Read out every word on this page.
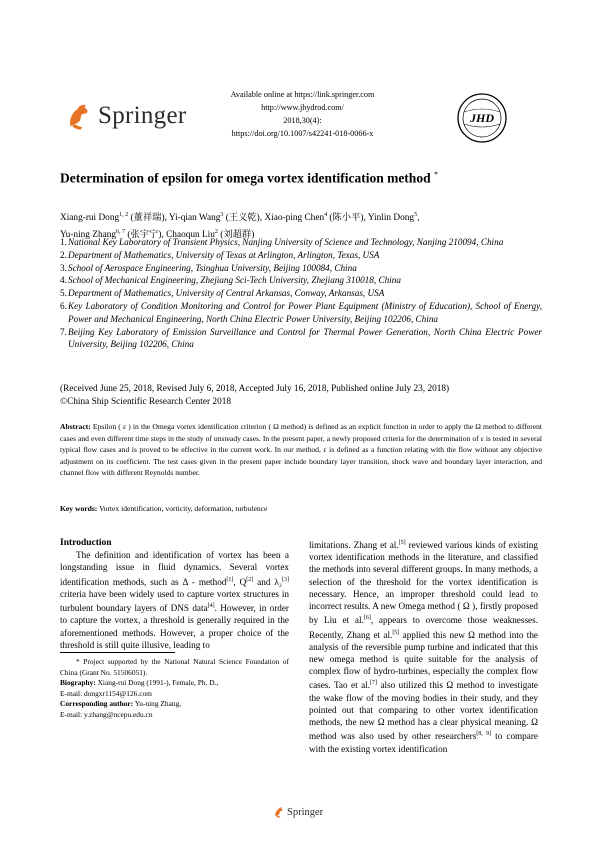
Springer
Available online at https://link.springer.com
http://www.jhydrod.com/
2018,30(4):
https://doi.org/10.1007/s42241-018-0066-x
JHD
Determination of epsilon for omega vortex identification method *
Xiang-rui Dong$^{1, 2}$ (董祥瑞), Yi-qian Wang$^3$ (王义乾), Xiao-ping Chen$^4$ (陈小平), Yinlin Dong$^5$,
Yu-ning Zhang$^{6, 7}$ (张宇宁), Chaoqun Liu$^2$ (刘超群)
1. National Key Laboratory of Transient Physics, Nanjing University of Science and Technology, Nanjing 210094, China
2. Department of Mathematics, University of Texas at Arlington, Arlington, Texas, USA
3. School of Aerospace Engineering, Tsinghua University, Beijing 100084, China
4. School of Mechanical Engineering, Zhejiang Sci-Tech University, Zhejiang 310018, China
5. Department of Mathematics, University of Central Arkansas, Conway, Arkansas, USA
6. Key Laboratory of Condition Monitoring and Control for Power Plant Equipment (Ministry of Education), School of Energy, Power and Mechanical Engineering, North China Electric Power University, Beijing 102206, China
7. Beijing Key Laboratory of Emission Surveillance and Control for Thermal Power Generation, North China Electric Power University, Beijing 102206, China
(Received June 25, 2018, Revised July 6, 2018, Accepted July 16, 2018, Published online July 23, 2018)
©China Ship Scientific Research Center 2018
Abstract: Epsilon ( ε ) in the Omega vortex identification criterion ( Ω method) is defined as an explicit function in order to apply the Ω method to different cases and even different time steps in the study of unsteady cases. In the present paper, a newly proposed criteria for the determination of ε is tested in several typical flow cases and is proved to be effective in the current work. In our method, ε is defined as a function relating with the flow without any objective adjustment on its coefficient. The test cases given in the present paper include boundary layer transition, shock wave and boundary layer interaction, and channel flow with different Reynolds number.
Key words: Vortex identification, vorticity, deformation, turbulence
Introduction

The definition and identification of vortex has been a longstanding issue in fluid dynamics. Several vortex identification methods, such as Δ - method[1], Q[2] and λ₂[3] criteria have been widely used to capture vortex structures in turbulent boundary layers of DNS data[4]. However, in order to capture the vortex, a threshold is generally required in the aforementioned methods. However, a proper choice of the threshold is still quite illusive, leading to

* Project supported by the National Natural Science Foundation of China (Grant No. 51506051).
Biography: Xiang-rui Dong (1991-), Female, Ph. D.,
E-mail: dongxr1154@126.com
Corresponding author: Yu-ning Zhang,
E-mail: y.zhang@ncepu.edu.cn

limitations. Zhang et al.[5] reviewed various kinds of existing vortex identification methods in the literature, and classified the methods into several different groups. In many methods, a selection of the threshold for the vortex identification is necessary. Hence, an improper threshold could lead to incorrect results. A new Omega method ( Ω ), firstly proposed by Liu et al.[6], appears to overcome those weaknesses. Recently, Zhang et al.[5] applied this new Ω method into the analysis of the reversible pump turbine and indicated that this new omega method is quite suitable for the analysis of complex flow of hydro-turbines, especially the complex flow cases. Tao et al.[7] also utilized this Ω method to investigate the wake flow of the moving bodies in their study, and they pointed out that comparing to other vortex identification methods, the new Ω method has a clear physical meaning. Ω method was also used by other researchers[8, 9] to compare with the existing vortex identification

Springer
